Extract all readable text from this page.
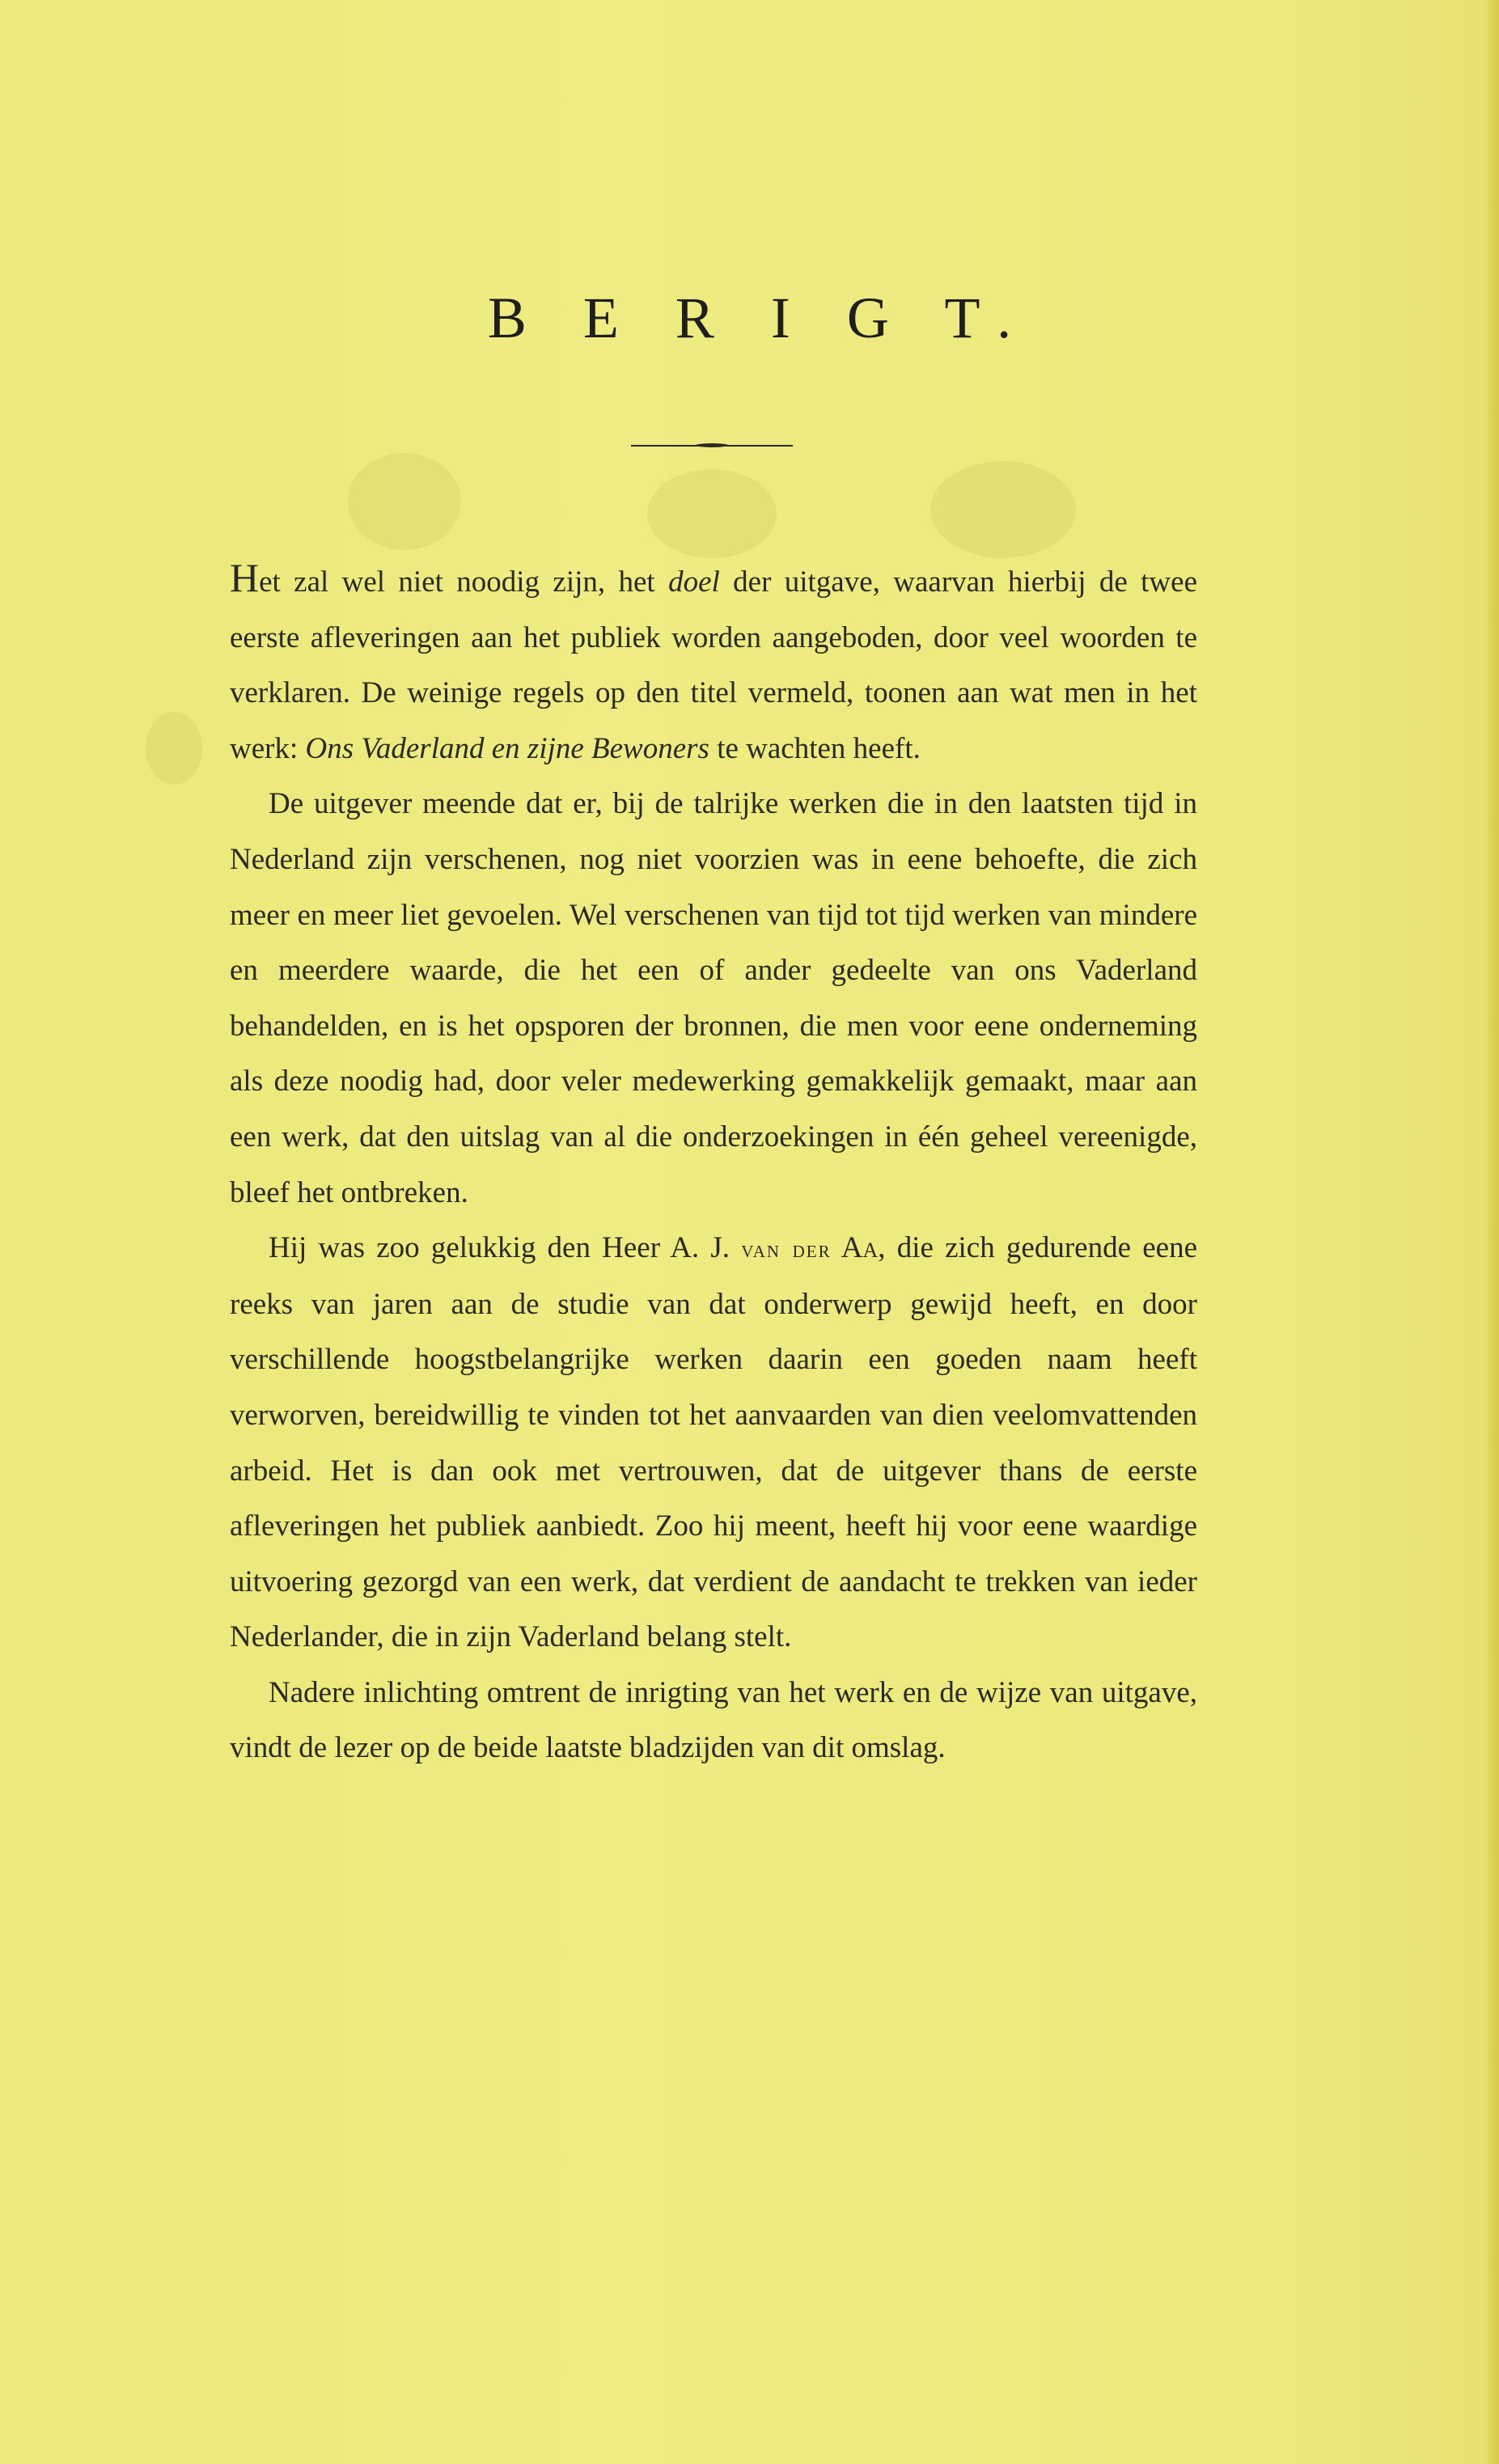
B E R I G T.

Het zal wel niet noodig zijn, het doel der uitgave, waarvan hierbij de twee eerste afleveringen aan het publiek worden aangeboden, door veel woorden te verklaren. De weinige regels op den titel vermeld, toonen aan wat men in het werk: Ons Vaderland en zijne Bewoners te wachten heeft.

De uitgever meende dat er, bij de talrijke werken die in den laatsten tijd in Nederland zijn verschenen, nog niet voorzien was in eene behoefte, die zich meer en meer liet gevoelen. Wel verschenen van tijd tot tijd werken van mindere en meerdere waarde, die het een of ander gedeelte van ons Vaderland behandelden, en is het opsporen der bronnen, die men voor eene onderneming als deze noodig had, door veler medewerking gemakkelijk gemaakt, maar aan een werk, dat den uitslag van al die onderzoekingen in één geheel vereenigde, bleef het ontbreken.

Hij was zoo gelukkig den Heer A. J. van der Aa, die zich gedurende eene reeks van jaren aan de studie van dat onderwerp gewijd heeft, en door verschillende hoogstbelangrijke werken daarin een goeden naam heeft verworven, bereidwillig te vinden tot het aanvaarden van dien veelomvattenden arbeid. Het is dan ook met vertrouwen, dat de uitgever thans de eerste afleveringen het publiek aanbiedt. Zoo hij meent, heeft hij voor eene waardige uitvoering gezorgd van een werk, dat verdient de aandacht te trekken van ieder Nederlander, die in zijn Vaderland belang stelt.

Nadere inlichting omtrent de inrigting van het werk en de wijze van uitgave, vindt de lezer op de beide laatste bladzijden van dit omslag.
